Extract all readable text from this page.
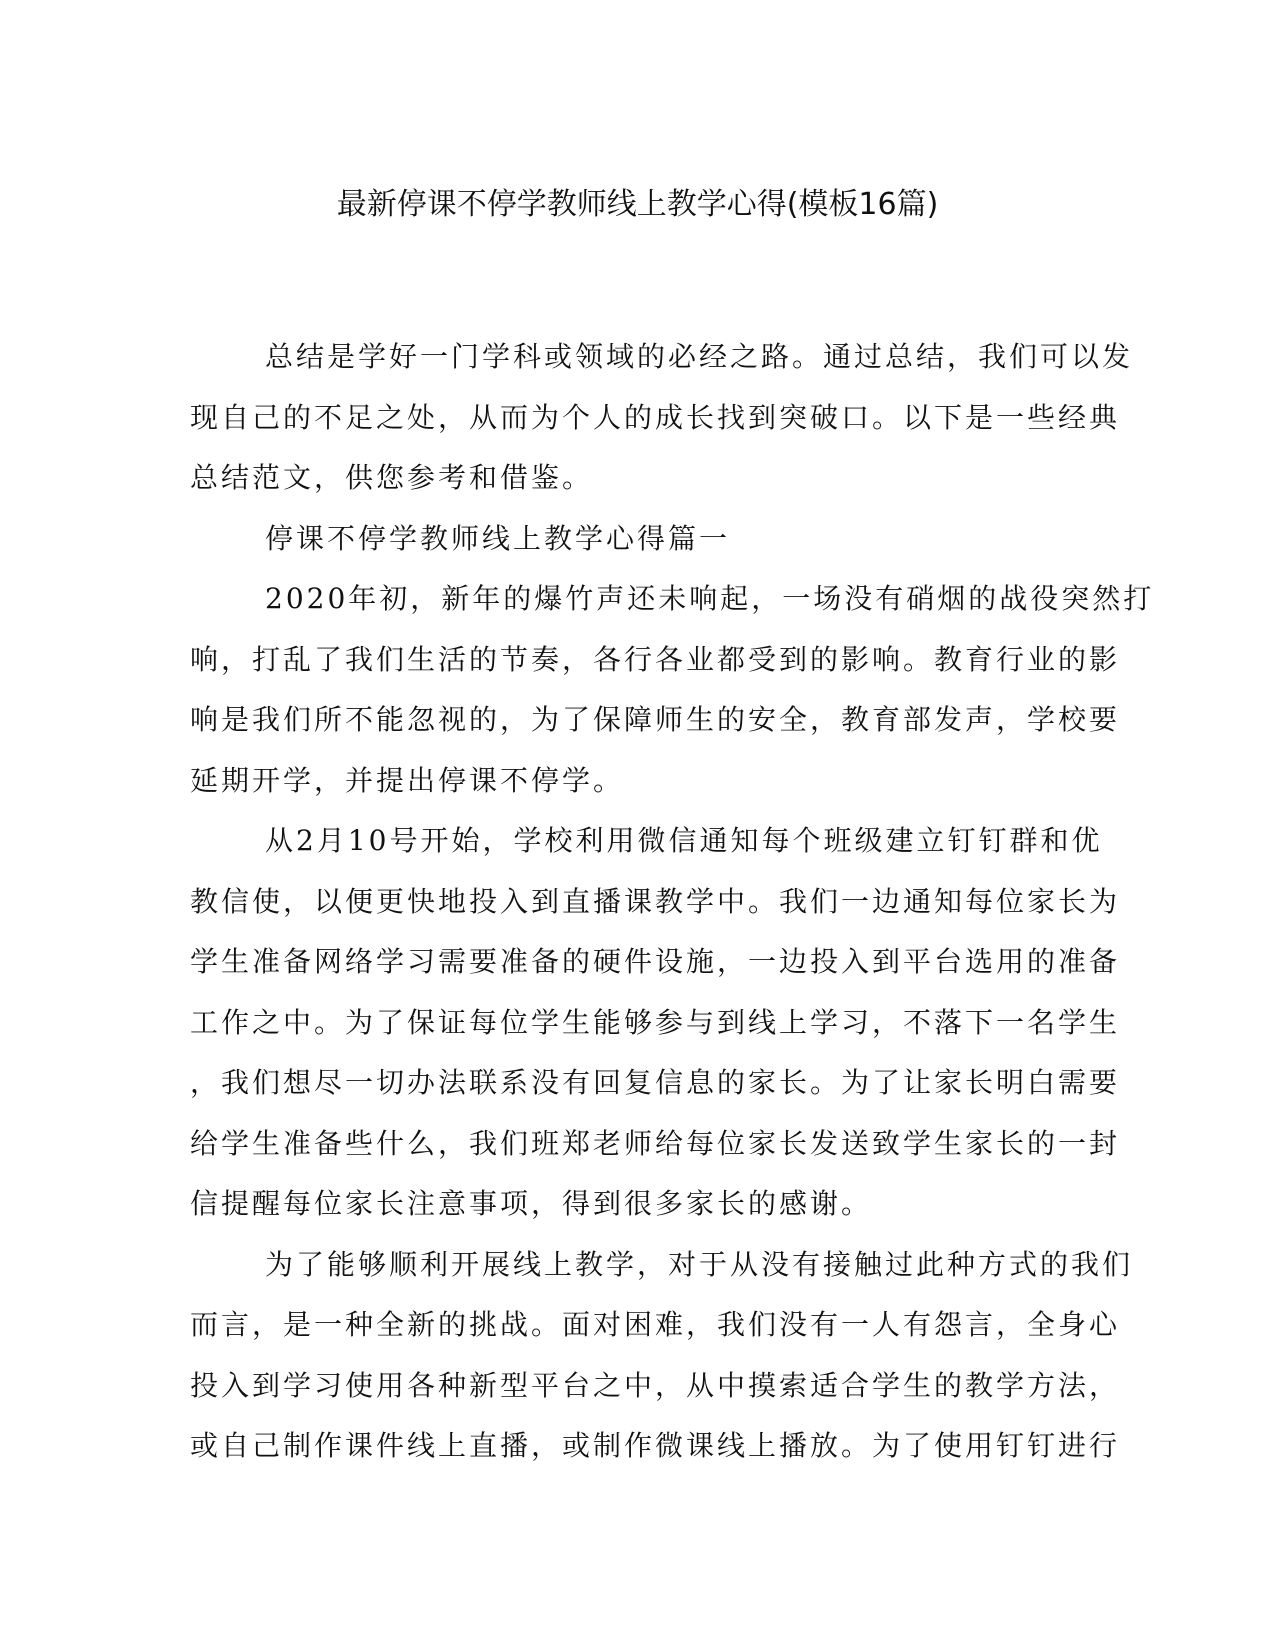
最新停课不停学教师线上教学心得(模板16篇)

总结是学好一门学科或领域的必经之路。通过总结，我们可以发

现自己的不足之处，从而为个人的成长找到突破口。以下是一些经典

总结范文，供您参考和借鉴。

停课不停学教师线上教学心得篇一

2020年初，新年的爆竹声还未响起，一场没有硝烟的战役突然打

响，打乱了我们生活的节奏，各行各业都受到的影响。教育行业的影

响是我们所不能忽视的，为了保障师生的安全，教育部发声，学校要

延期开学，并提出停课不停学。

从2月10号开始，学校利用微信通知每个班级建立钉钉群和优

教信使，以便更快地投入到直播课教学中。我们一边通知每位家长为

学生准备网络学习需要准备的硬件设施，一边投入到平台选用的准备

工作之中。为了保证每位学生能够参与到线上学习，不落下一名学生

，我们想尽一切办法联系没有回复信息的家长。为了让家长明白需要

给学生准备些什么，我们班郑老师给每位家长发送致学生家长的一封

信提醒每位家长注意事项，得到很多家长的感谢。

为了能够顺利开展线上教学，对于从没有接触过此种方式的我们

而言，是一种全新的挑战。面对困难，我们没有一人有怨言，全身心

投入到学习使用各种新型平台之中，从中摸索适合学生的教学方法，

或自己制作课件线上直播，或制作微课线上播放。为了使用钉钉进行
